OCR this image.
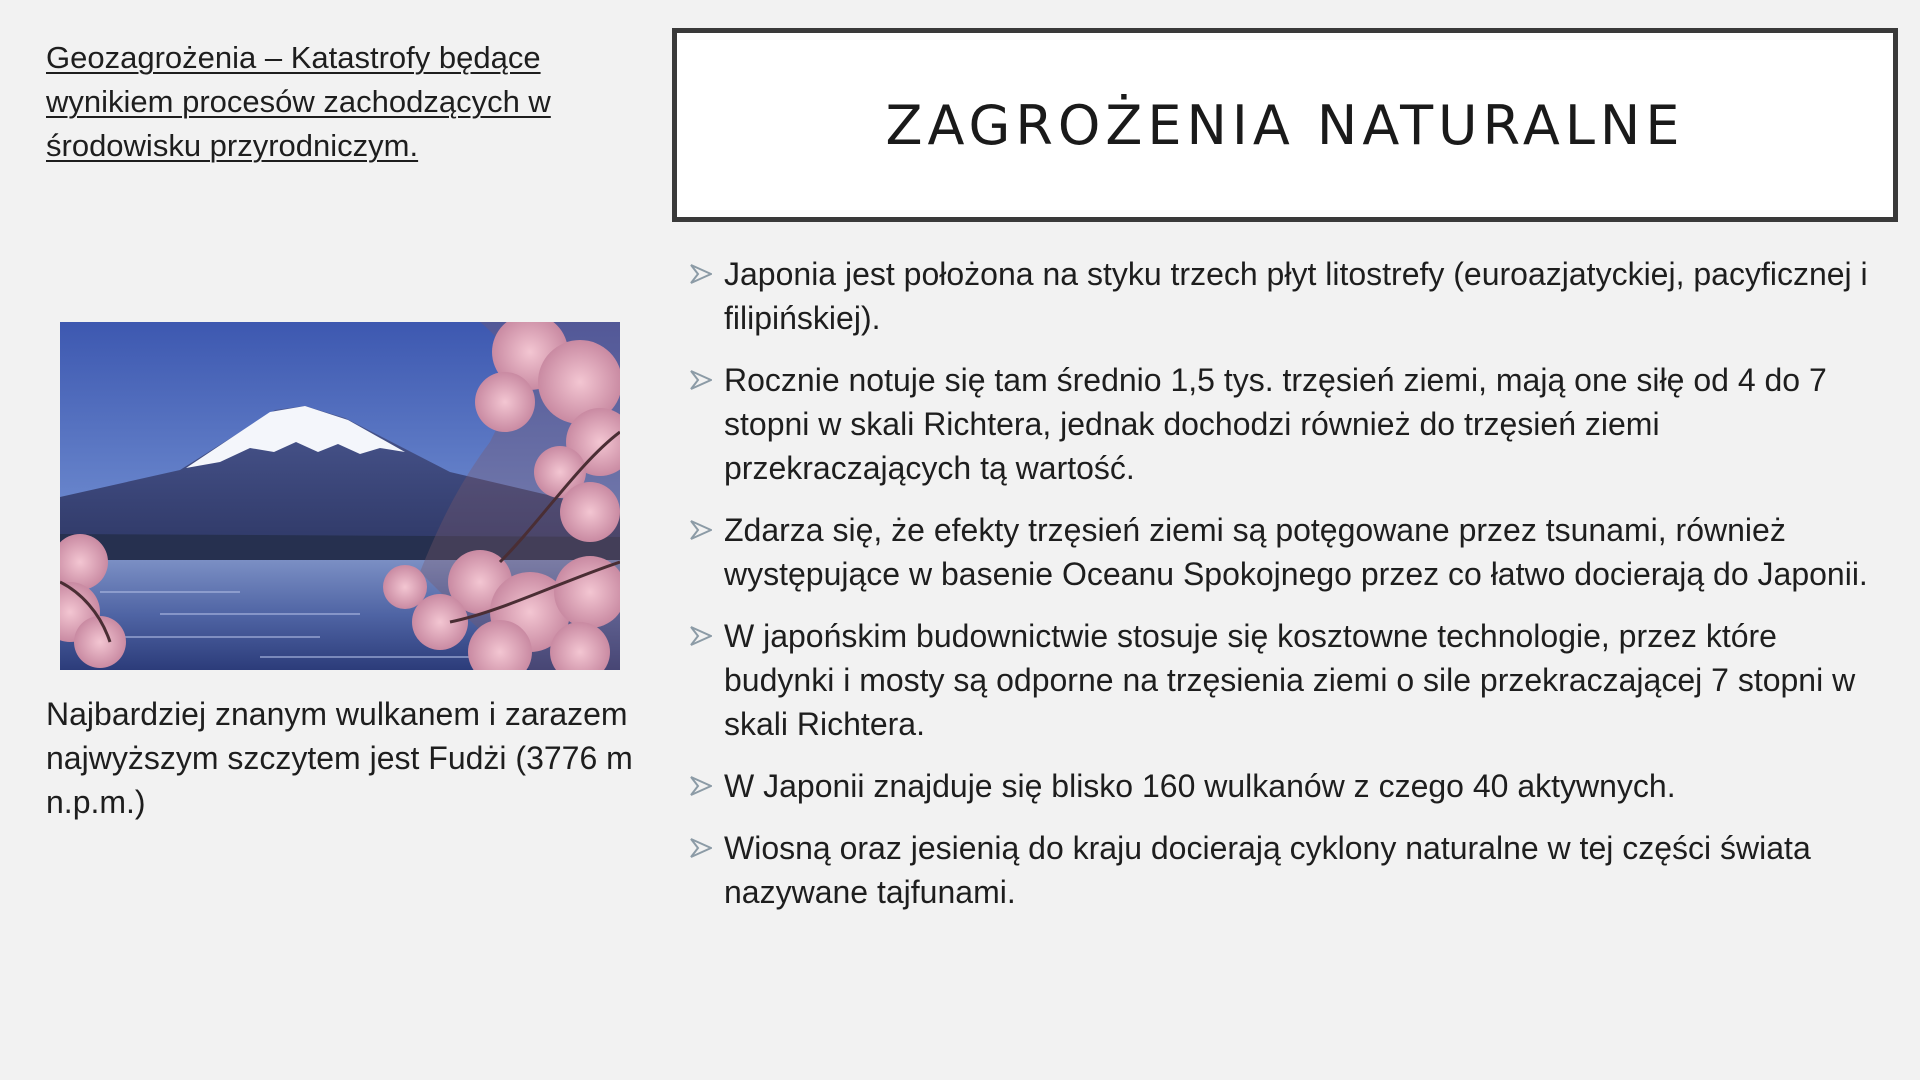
Geozagrożenia – Katastrofy będące wynikiem procesów zachodzących w środowisku przyrodniczym.	ZAGROŻENIA NATURALNE

Najbardziej znanym wulkanem i zarazem najwyższym szczytem jest Fudżi (3776 m n.p.m.)

Japonia jest położona na styku trzech płyt litostrefy (euroazjatyckiej, pacyficznej i filipińskiej).
Rocznie notuje się tam średnio 1,5 tys. trzęsień ziemi, mają one siłę od 4 do 7 stopni w skali Richtera, jednak dochodzi również do trzęsień ziemi przekraczających tą wartość.
Zdarza się, że efekty trzęsień ziemi są potęgowane przez tsunami, również występujące w basenie Oceanu Spokojnego przez co łatwo docierają do Japonii.
W japońskim budownictwie stosuje się kosztowne technologie, przez które budynki i mosty są odporne na trzęsienia ziemi o sile przekraczającej 7 stopni w skali Richtera.
W Japonii znajduje się blisko 160 wulkanów z czego 40 aktywnych.
Wiosną oraz jesienią do kraju docierają cyklony naturalne w tej części świata nazywane tajfunami.
